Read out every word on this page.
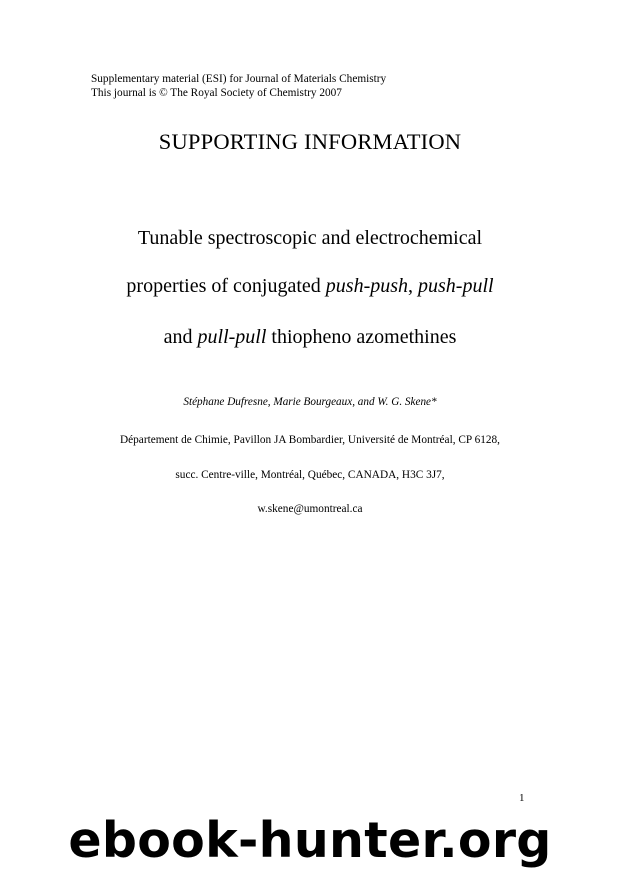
Supplementary material (ESI) for Journal of Materials Chemistry
This journal is © The Royal Society of Chemistry 2007
SUPPORTING INFORMATION
Tunable spectroscopic and electrochemical
properties of conjugated push-push, push-pull
and pull-pull thiopheno azomethines
Stéphane Dufresne, Marie Bourgeaux, and W. G. Skene*
Département de Chimie, Pavillon JA Bombardier, Université de Montréal, CP 6128,
succ. Centre-ville, Montréal, Québec, CANADA, H3C 3J7,
w.skene@umontreal.ca
1
ebook-hunter.org
